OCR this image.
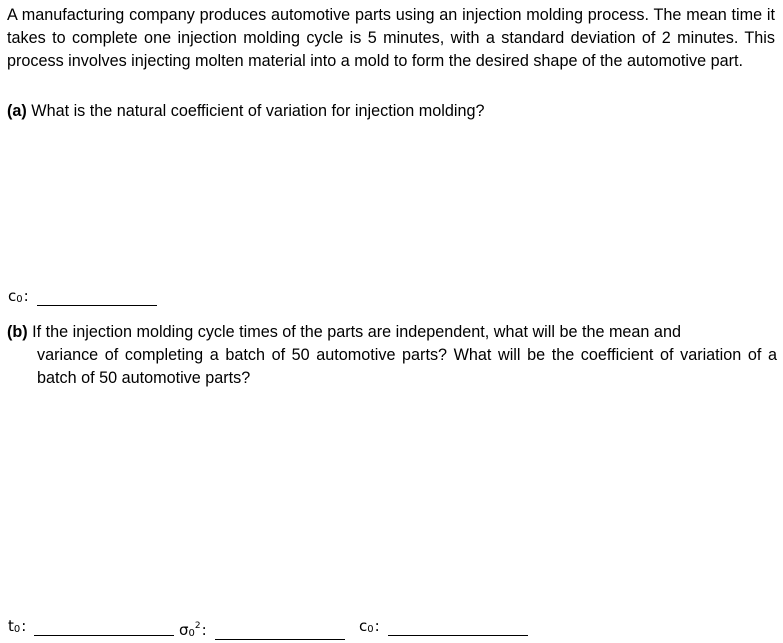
A manufacturing company produces automotive parts using an injection molding process. The mean time it takes to complete one injection molding cycle is 5 minutes, with a standard deviation of 2 minutes. This process involves injecting molten material into a mold to form the desired shape of the automotive part.

(a) What is the natural coefficient of variation for injection molding?

$c_0$:

(b) If the injection molding cycle times of the parts are independent, what will be the mean and
variance of completing a batch of 50 automotive parts? What will be the coefficient of variation of a batch of 50 automotive parts?

$t_0$:	$\sigma_0^2$:	$c_0$:
